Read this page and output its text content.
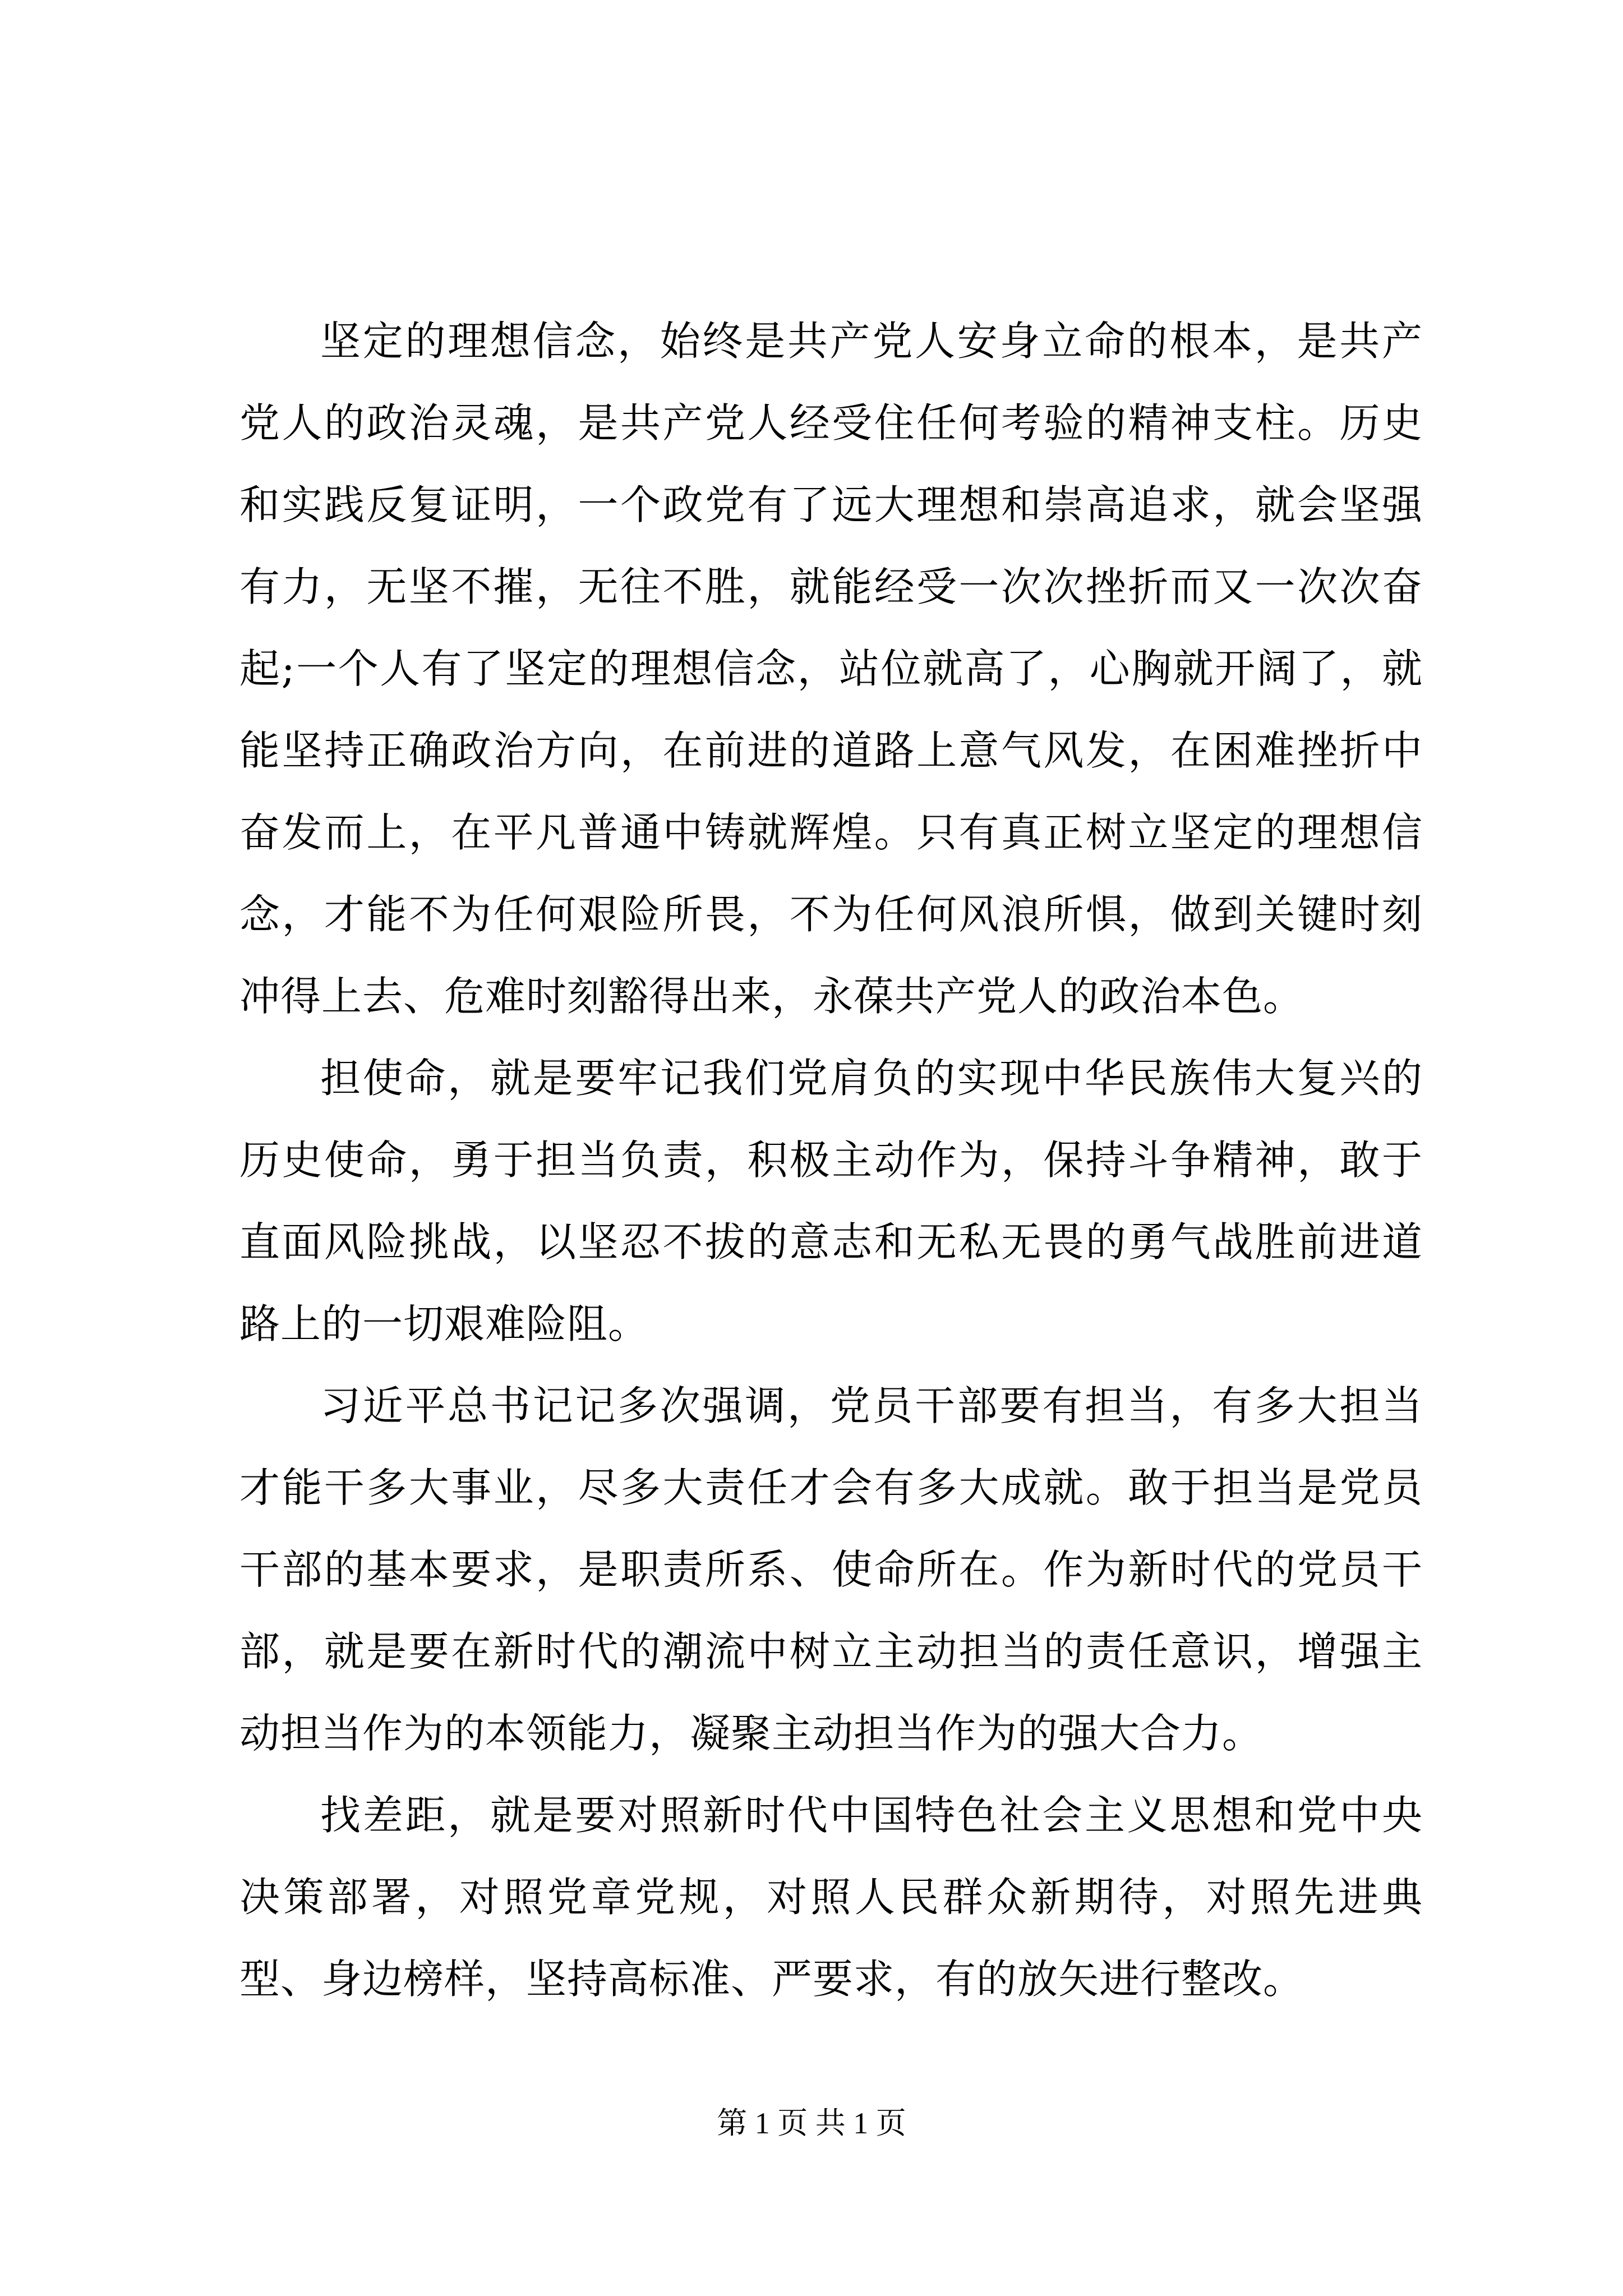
坚定的理想信念，始终是共产党人安身立命的根本，是共产党人的政治灵魂，是共产党人经受住任何考验的精神支柱。历史和实践反复证明，一个政党有了远大理想和崇高追求，就会坚强有力，无坚不摧，无往不胜，就能经受一次次挫折而又一次次奋起;一个人有了坚定的理想信念，站位就高了，心胸就开阔了，就能坚持正确政治方向，在前进的道路上意气风发，在困难挫折中奋发而上，在平凡普通中铸就辉煌。只有真正树立坚定的理想信念，才能不为任何艰险所畏，不为任何风浪所惧，做到关键时刻冲得上去、危难时刻豁得出来，永葆共产党人的政治本色。

担使命，就是要牢记我们党肩负的实现中华民族伟大复兴的历史使命，勇于担当负责，积极主动作为，保持斗争精神，敢于直面风险挑战，以坚忍不拔的意志和无私无畏的勇气战胜前进道路上的一切艰难险阻。

习近平总书记记多次强调，党员干部要有担当，有多大担当才能干多大事业，尽多大责任才会有多大成就。敢于担当是党员干部的基本要求，是职责所系、使命所在。作为新时代的党员干部，就是要在新时代的潮流中树立主动担当的责任意识，增强主动担当作为的本领能力，凝聚主动担当作为的强大合力。

找差距，就是要对照新时代中国特色社会主义思想和党中央决策部署，对照党章党规，对照人民群众新期待，对照先进典型、身边榜样，坚持高标准、严要求，有的放矢进行整改。

第 1 页 共 1 页
